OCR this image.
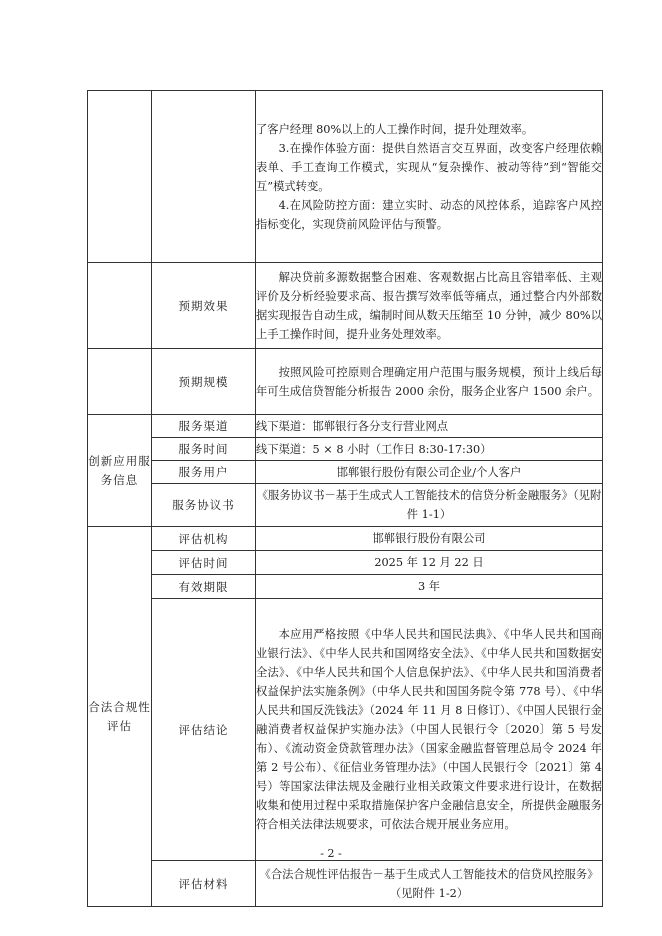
		了客户经理 80%以上的人工操作时间，提升处理效率。

3.在操作体验方面：提供自然语言交互界面，改变客户经理依赖表单、手工查询工作模式，实现从“复杂操作、被动等待”到“智能交互”模式转变。

4.在风险防控方面：建立实时、动态的风控体系，追踪客户风控指标变化，实现贷前风险评估与预警。

	预期效果	解决贷前多源数据整合困难、客观数据占比高且容错率低、主观评价及分析经验要求高、报告撰写效率低等痛点，通过整合内外部数据实现报告自动生成，编制时间从数天压缩至 10 分钟，减少 80%以上手工操作时间，提升业务处理效率。

	预期规模	按照风险可控原则合理确定用户范围与服务规模，预计上线后每年可生成信贷智能分析报告 2000 余份，服务企业客户 1500 余户。

创新应用服务信息	服务渠道	线下渠道：邯郸银行各分支行营业网点
	服务时间	线下渠道：5 × 8 小时（工作日 8:30-17:30）
	服务用户	邯郸银行股份有限公司企业/个人客户
	服务协议书	《服务协议书－基于生成式人工智能技术的信贷分析金融服务》（见附件 1-1）
合法合规性评估	评估机构	邯郸银行股份有限公司
	评估时间	2025 年 12 月 22 日
	有效期限	3 年
	评估结论	本应用严格按照《中华人民共和国民法典》、《中华人民共和国商业银行法》、《中华人民共和国网络安全法》、《中华人民共和国数据安全法》、《中华人民共和国个人信息保护法》、《中华人民共和国消费者权益保护法实施条例》（中华人民共和国国务院令第 778 号）、《中华人民共和国反洗钱法》（2024 年 11 月 8 日修订）、《中国人民银行金融消费者权益保护实施办法》（中国人民银行令〔2020〕第 5 号发布）、《流动资金贷款管理办法》（国家金融监督管理总局令 2024 年第 2 号公布）、《征信业务管理办法》（中国人民银行令〔2021〕第 4 号）等国家法律法规及金融行业相关政策文件要求进行设计，在数据收集和使用过程中采取措施保护客户金融信息安全，所提供金融服务符合相关法律法规要求，可依法合规开展业务应用。

	评估材料	《合法合规性评估报告－基于生成式人工智能技术的信贷风控服务》（见附件 1-2）
- 2 -
